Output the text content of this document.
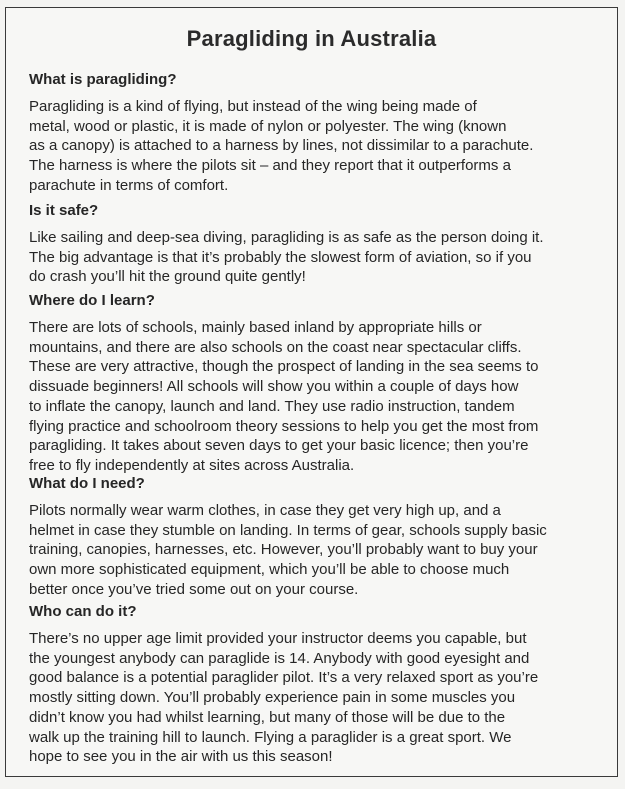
Paragliding in Australia
What is paragliding?
Paragliding is a kind of flying, but instead of the wing being made of
metal, wood or plastic, it is made of nylon or polyester. The wing (known
as a canopy) is attached to a harness by lines, not dissimilar to a parachute.
The harness is where the pilots sit – and they report that it outperforms a
parachute in terms of comfort.
Is it safe?
Like sailing and deep-sea diving, paragliding is as safe as the person doing it.
The big advantage is that it’s probably the slowest form of aviation, so if you
do crash you’ll hit the ground quite gently!
Where do I learn?
There are lots of schools, mainly based inland by appropriate hills or
mountains, and there are also schools on the coast near spectacular cliffs.
These are very attractive, though the prospect of landing in the sea seems to
dissuade beginners! All schools will show you within a couple of days how
to inflate the canopy, launch and land. They use radio instruction, tandem
flying practice and schoolroom theory sessions to help you get the most from
paragliding. It takes about seven days to get your basic licence; then you’re
free to fly independently at sites across Australia.
What do I need?
Pilots normally wear warm clothes, in case they get very high up, and a
helmet in case they stumble on landing. In terms of gear, schools supply basic
training, canopies, harnesses, etc. However, you’ll probably want to buy your
own more sophisticated equipment, which you’ll be able to choose much
better once you’ve tried some out on your course.
Who can do it?
There’s no upper age limit provided your instructor deems you capable, but
the youngest anybody can paraglide is 14. Anybody with good eyesight and
good balance is a potential paraglider pilot. It’s a very relaxed sport as you’re
mostly sitting down. You’ll probably experience pain in some muscles you
didn’t know you had whilst learning, but many of those will be due to the
walk up the training hill to launch. Flying a paraglider is a great sport. We
hope to see you in the air with us this season!
